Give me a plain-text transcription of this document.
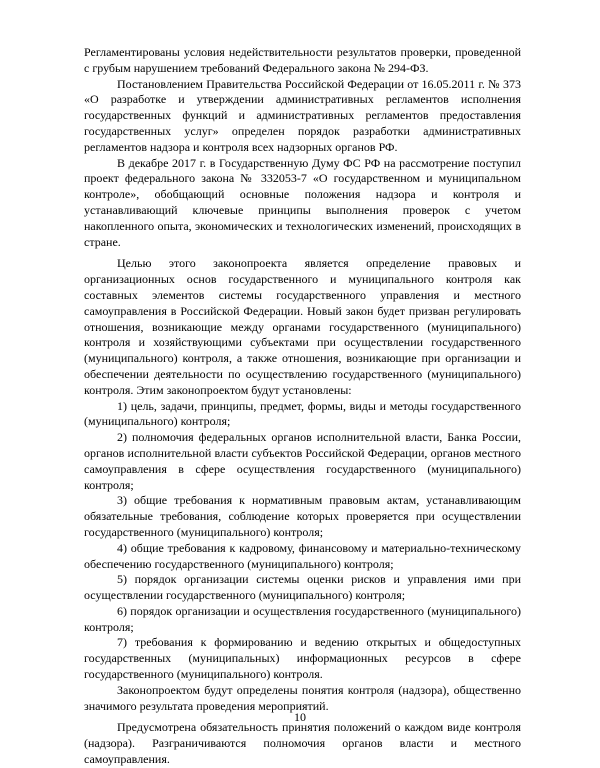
Регламентированы условия недействительности результатов проверки, проведенной с грубым нарушением требований Федерального закона № 294-ФЗ.

Постановлением Правительства Российской Федерации от 16.05.2011 г. № 373 «О разработке и утверждении административных регламентов исполнения государственных функций и административных регламентов предоставления государственных услуг» определен порядок разработки административных регламентов надзора и контроля всех надзорных органов РФ.

В декабре 2017 г. в Государственную Думу ФС РФ на рассмотрение поступил проект федерального закона № 332053-7 «О государственном и муниципальном контроле», обобщающий основные положения надзора и контроля и устанавливающий ключевые принципы выполнения проверок с учетом накопленного опыта, экономических и технологических изменений, происходящих в стране.

Целью этого законопроекта является определение правовых и организационных основ государственного и муниципального контроля как составных элементов системы государственного управления и местного самоуправления в Российской Федерации. Новый закон будет призван регулировать отношения, возникающие между органами государственного (муниципального) контроля и хозяйствующими субъектами при осуществлении государственного (муниципального) контроля, а также отношения, возникающие при организации и обеспечении деятельности по осуществлению государственного (муниципального) контроля. Этим законопроектом будут установлены:

1) цель, задачи, принципы, предмет, формы, виды и методы государственного (муниципального) контроля;

2) полномочия федеральных органов исполнительной власти, Банка России, органов исполнительной власти субъектов Российской Федерации, органов местного самоуправления в сфере осуществления государственного (муниципального) контроля;

3) общие требования к нормативным правовым актам, устанавливающим обязательные требования, соблюдение которых проверяется при осуществлении государственного (муниципального) контроля;

4) общие требования к кадровому, финансовому и материально-техническому обеспечению государственного (муниципального) контроля;

5) порядок организации системы оценки рисков и управления ими при осуществлении государственного (муниципального) контроля;

6) порядок организации и осуществления государственного (муниципального) контроля;

7) требования к формированию и ведению открытых и общедоступных государственных (муниципальных) информационных ресурсов в сфере государственного (муниципального) контроля.

Законопроектом будут определены понятия контроля (надзора), общественно значимого результата проведения мероприятий.

Предусмотрена обязательность принятия положений о каждом виде контроля (надзора). Разграничиваются полномочия органов власти и местного самоуправления.

10
